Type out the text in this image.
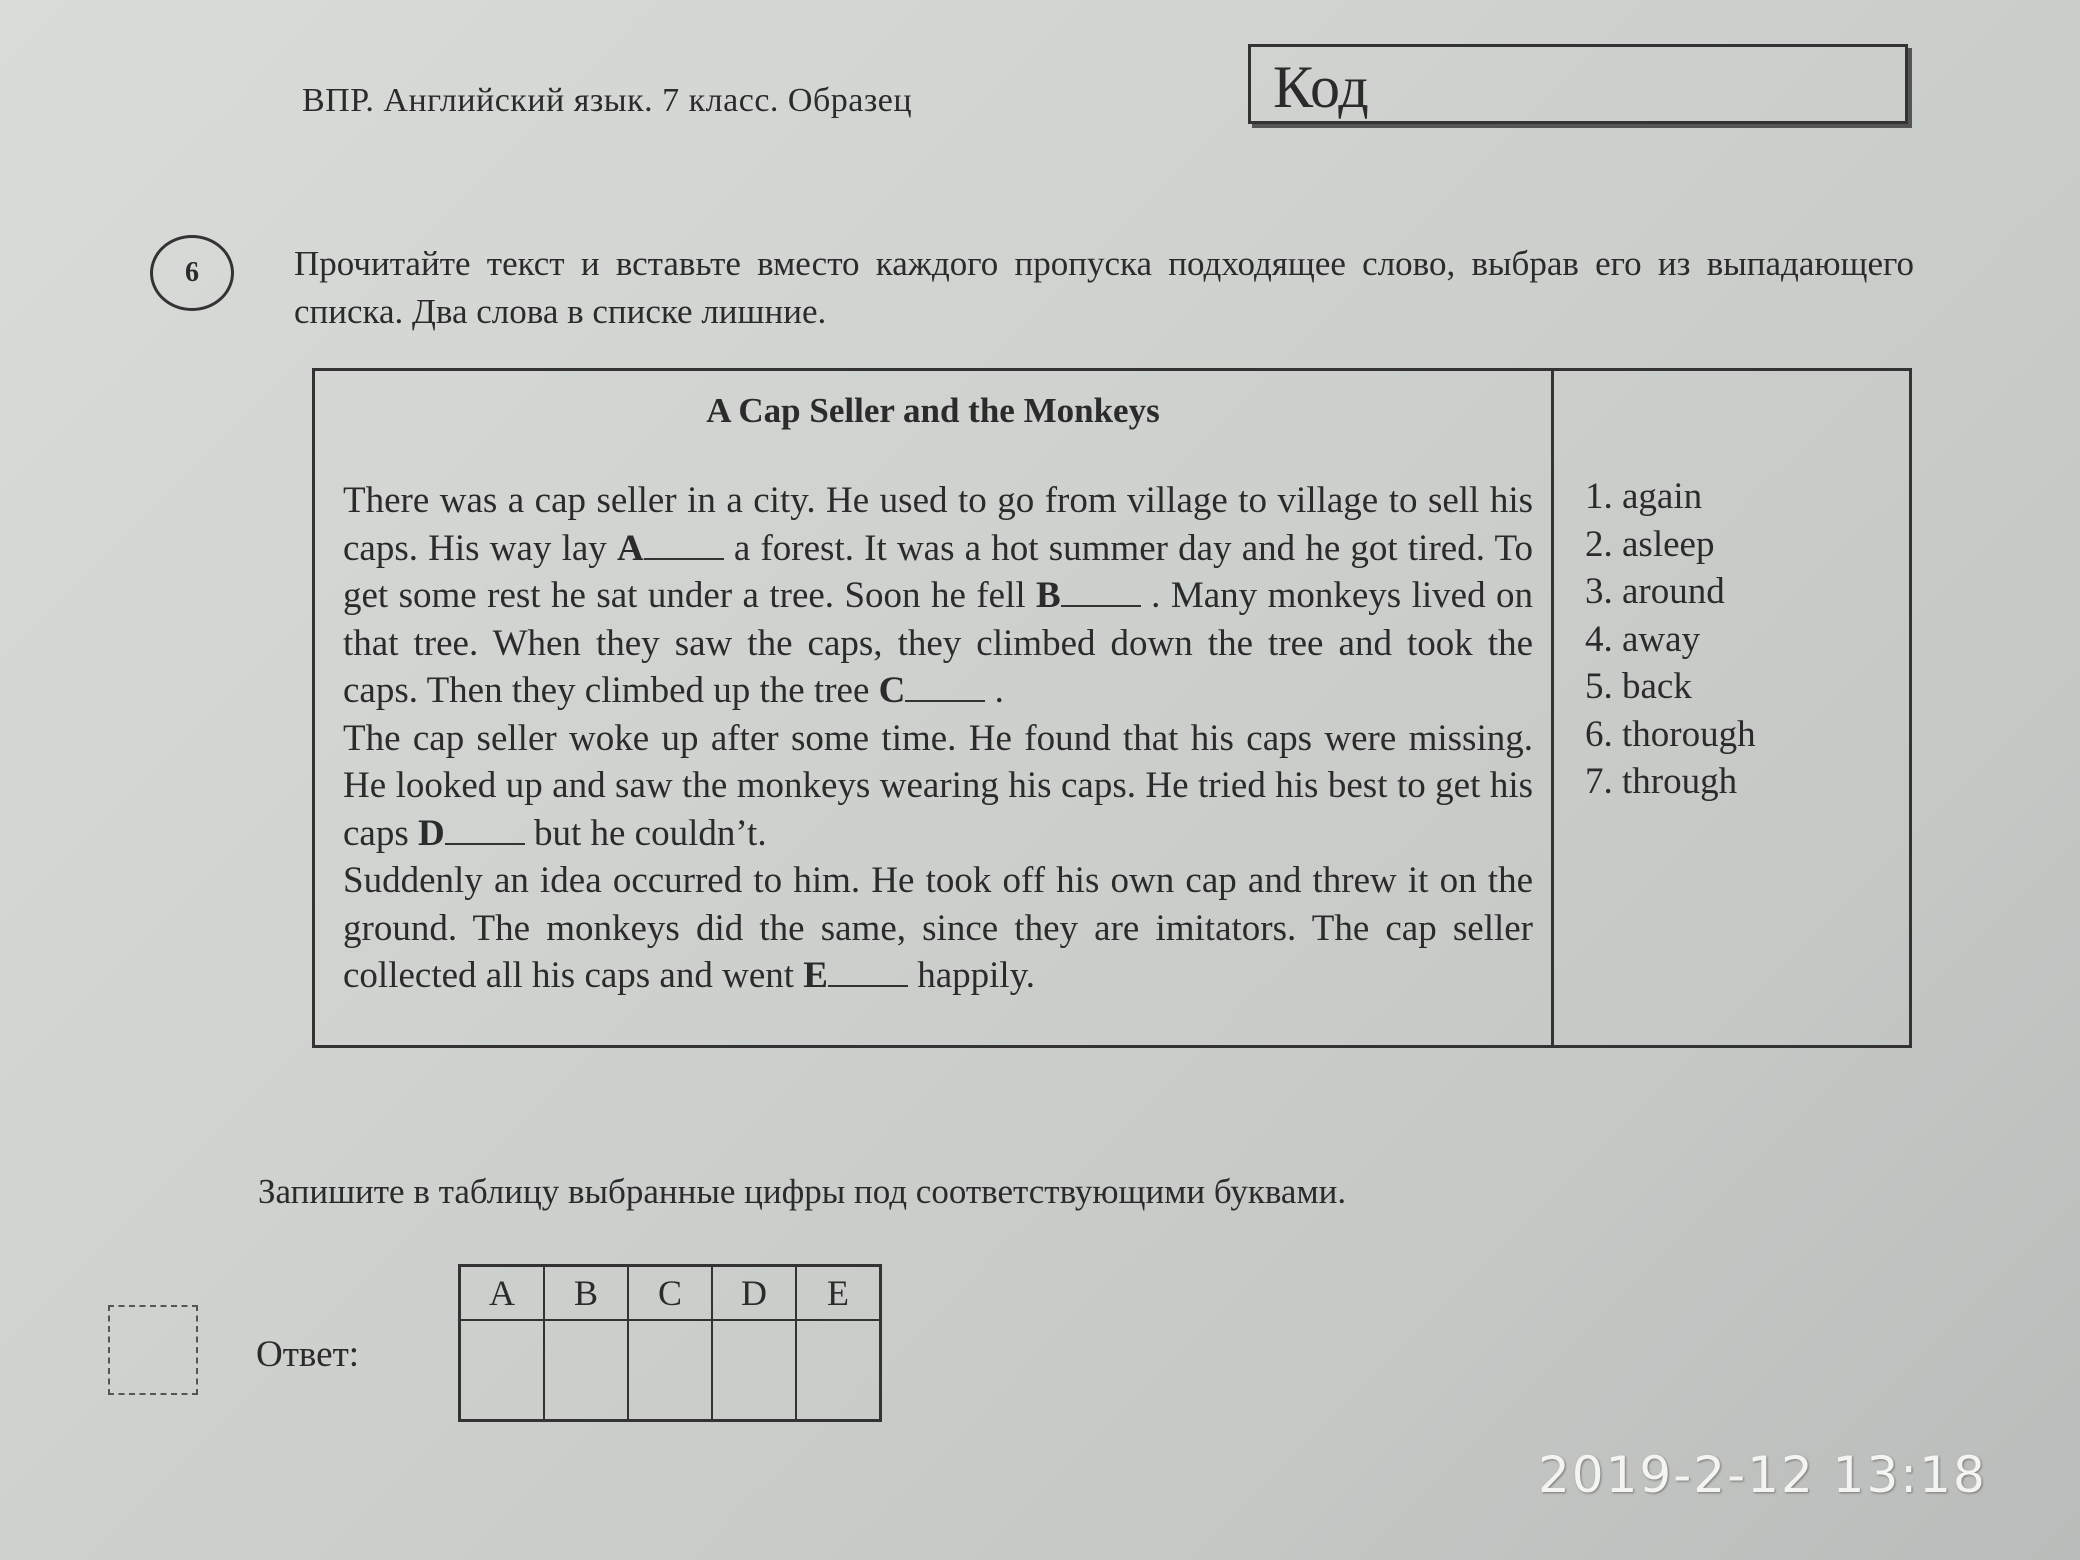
ВПР. Английский язык. 7 класс. Образец	Код
6	Прочитайте текст и вставьте вместо каждого пропуска подходящее слово, выбрав его из выпадающего списка. Два слова в списке лишние.
A Cap Seller and the Monkeys

There was a cap seller in a city. He used to go from village to village to sell his caps. His way lay A a forest. It was a hot summer day and he got tired. To get some rest he sat under a tree. Soon he fell B . Many monkeys lived on that tree. When they saw the caps, they climbed down the tree and took the caps. Then they climbed up the tree C .

The cap seller woke up after some time. He found that his caps were missing. He looked up and saw the monkeys wearing his caps. He tried his best to get his caps D but he couldn’t.

Suddenly an idea occurred to him. He took off his own cap and threw it on the ground. The monkeys did the same, since they are imitators. The cap seller collected all his caps and went E happily.

1. again
2. asleep
3. around
4. away
5. back
6. thorough
7. through
Запишите в таблицу выбранные цифры под соответствующими буквами.
Ответ:
A	B	C	D	E

2019-2-12 13:18
